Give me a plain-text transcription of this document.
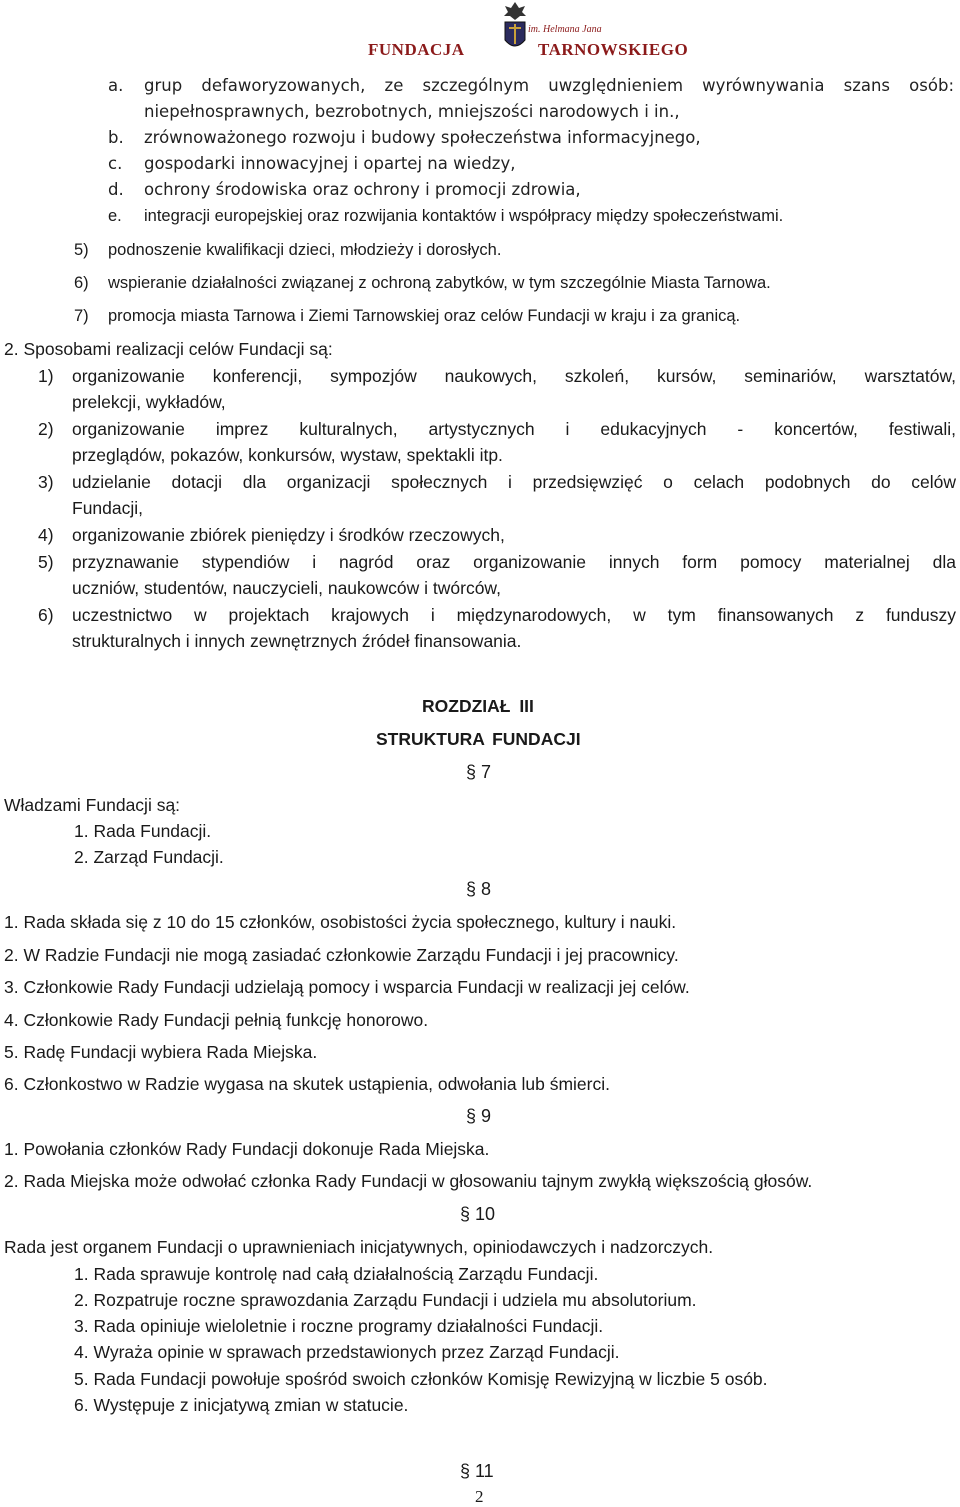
im. Helmana Jana
FUNDACJA	TARNOWSKIEGO
a. grup defaworyzowanych, ze szczególnym uwzględnieniem wyrównywania szans osób:
niepełnosprawnych, bezrobotnych, mniejszości narodowych i in.,
b. zrównoważonego rozwoju i budowy społeczeństwa informacyjnego,
c. gospodarki innowacyjnej i opartej na wiedzy,
d. ochrony środowiska oraz ochrony i promocji zdrowia,
e. integracji europejskiej oraz rozwijania kontaktów i współpracy między społeczeństwami.
5) podnoszenie kwalifikacji dzieci, młodzieży i dorosłych.
6) wspieranie działalności związanej z ochroną zabytków, w tym szczególnie Miasta Tarnowa.
7) promocja miasta Tarnowa i Ziemi Tarnowskiej oraz celów Fundacji w kraju i za granicą.
2. Sposobami realizacji celów Fundacji są:
1) organizowanie konferencji, sympozjów naukowych, szkoleń, kursów, seminariów, warsztatów,
prelekcji, wykładów,
2) organizowanie imprez kulturalnych, artystycznych i edukacyjnych - koncertów, festiwali,
przeglądów, pokazów, konkursów, wystaw, spektakli itp.
3) udzielanie dotacji dla organizacji społecznych i przedsięwzięć o celach podobnych do celów
Fundacji,
4) organizowanie zbiórek pieniędzy i środków rzeczowych,
5) przyznawanie stypendiów i nagród oraz organizowanie innych form pomocy materialnej dla
uczniów, studentów, nauczycieli, naukowców i twórców,
6) uczestnictwo w projektach krajowych i międzynarodowych, w tym finansowanych z funduszy
strukturalnych i innych zewnętrznych źródeł finansowania.
ROZDZIAŁ III
STRUKTURA FUNDACJI
§ 7
Władzami Fundacji są:
1. Rada Fundacji.
2. Zarząd Fundacji.
§ 8
1. Rada składa się z 10 do 15 członków, osobistości życia społecznego, kultury i nauki.
2. W Radzie Fundacji nie mogą zasiadać członkowie Zarządu Fundacji i jej pracownicy.
3. Członkowie Rady Fundacji udzielają pomocy i wsparcia Fundacji w realizacji jej celów.
4. Członkowie Rady Fundacji pełnią funkcję honorowo.
5. Radę Fundacji wybiera Rada Miejska.
6. Członkostwo w Radzie wygasa na skutek ustąpienia, odwołania lub śmierci.
§ 9
1. Powołania członków Rady Fundacji dokonuje Rada Miejska.
2. Rada Miejska może odwołać członka Rady Fundacji w głosowaniu tajnym zwykłą większością głosów.
§ 10
Rada jest organem Fundacji o uprawnieniach inicjatywnych, opiniodawczych i nadzorczych.
1. Rada sprawuje kontrolę nad całą działalnością Zarządu Fundacji.
2. Rozpatruje roczne sprawozdania Zarządu Fundacji i udziela mu absolutorium.
3. Rada opiniuje wieloletnie i roczne programy działalności Fundacji.
4. Wyraża opinie w sprawach przedstawionych przez Zarząd Fundacji.
5. Rada Fundacji powołuje spośród swoich członków Komisję Rewizyjną w liczbie 5 osób.
6. Występuje z inicjatywą zmian w statucie.
§ 11
2
